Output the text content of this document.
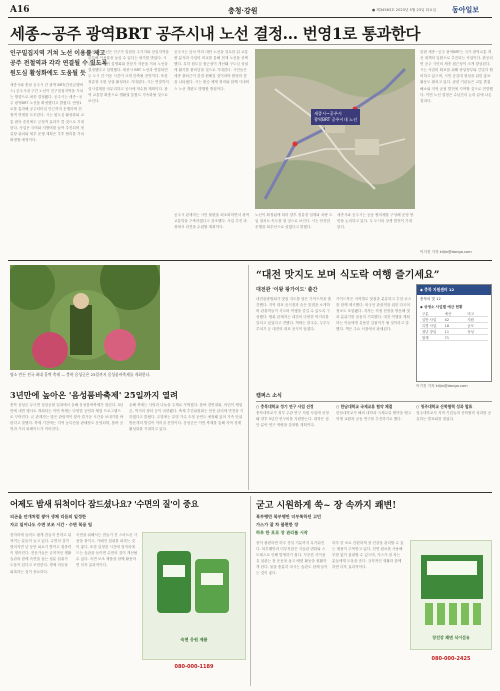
A16	충청·강원	● 제34563호 2023년 5월 23일 화요일 동아일보
세종~공주 광역BRT 공주시내 노선 결정… 번영1로 통과한다
인구밀집지역 거쳐 노선 이용률 제고
공주 전철역과 각각 연결될 수 있도록
원도심 활성화에도 도움될 듯
세종시와 충남 공주시 간 광역 BRT(간선급행버스) 공주시내 구간 노선이 인구밀집지역을 거치는 방향으로 최종 결정됐다. 공주시는 세종~공주 광역BRT 노선을 확정했다고 밝혔다. 번영1로를 통과해 공주터미널 인근까지 운행하며 전철역 연계를 도모한다. 시는 원도심 활성화와 교통 편의 증진에도 긍정적 효과가 클 것으로 기대한다. 사업은 국비와 지방비를 들여 추진되며 정류장 위치와 세부 운행 계획은 추후 협의를 거쳐 확정할 예정이다.
번영1로 노선은 인구가 밀집한 주거지와 상업지역을 관통해 이용률을 높일 수 있다는 평가를 받았다. 시 관계자는 주민 설명회와 전문가 자문을 거쳐 노선을 결정했다고 설명했다. 세종시 BRT 노선과 연결되면 두 도시 간 이동 시간이 크게 단축될 전망이다. 또한 정류장 주변 상권 활성화도 기대된다. 시는 연말까지 실시설계를 마무리하고 공사에 착수할 계획이다. 광역 교통망 확충으로 생활권 통합도 가속화될 것으로 보인다.
공주시는 앞서 여러 대안 노선을 검토한 뒤 교통량 분석과 사업비 비교를 통해 현재 노선을 선택했다. 특히 원도심 접근성이 개선돼 구도심 상권에 활기를 불어넣을 것으로 기대한다. 시민들은 세종 출퇴근이 한결 편해질 것이라며 환영의 뜻을 나타냈다. 시는 환승 체계 정비와 함께 시내버스 노선 개편도 병행할 방침이다.
세종시~공주시
광역BRT 공주시내 노선
공주시 관계자는 시민 불편을 최소화하면서 광역 교통망을 구축하겠다고 강조했다. 사업 추진 과정에서 의견을 수렴할 계획이다.
노선이 확정됨에 따라 향후 정류장 설계와 차량 도입 절차도 속도를 낼 것으로 보인다. 시는 안전한 운행을 최우선으로 삼겠다고 밝혔다.
세종시와 공주시는 공동 협의체를 구성해 운영 방안을 논의하고 있다. 두 도시의 상생 발전이 기대된다.
한편 세종~공주 광역BRT는 국가 광역교통 개선 대책의 일환으로 추진되는 사업이다. 완공되면 공주 시민의 세종 접근성이 크게 향상된다. 시는 사업비 확보를 위해 중앙정부와 긴밀히 협의하고 있으며, 시민 공감대 형성을 위한 홍보 활동도 펼치고 있다. 관련 기관들은 교통 혼잡 해소와 지역 균형 발전에 기여할 것으로 전망했다. 이번 노선 결정은 수년간의 논의 끝에 나온 결과다.
이기진 기자 kiljin@donga.com
명소 만든 전국 최대 홀짝 축제 — 충북 음성군은 25일까지 음성품바축제를 개최한다.
3년만에 높아온 '음성품바축제' 25일까지 열려
충북 음성군 무극면 설성공원 일대에서 올해 음성품바축제가 열린다. 3년 만에 대면 행사로 개최되는 이번 축제는 다양한 공연과 체험 프로그램으로 꾸며진다. 군 관계자는 많은 관람객이 찾아 즐거운 시간을 보내기를 바란다고 말했다. 축제 기간에는 지역 농특산물 판매장도 운영되며, 품바 공연과 거리 퍼레이드가 이어진다.
올해 축제는 사랑과 나눔을 주제로 꾸며졌다. 품바 경연대회, 어린이 체험존, 먹거리 장터 등이 마련됐다. 축제 추진위원회는 안전 관리에 만전을 기하겠다고 밝혔다. 주말에는 유명 가수 초청 공연도 예정돼 있어 가족 단위 방문객의 발길이 이어질 전망이다. 음성군은 이번 축제를 통해 지역 경제 활성화를 기대하고 있다.
“대전 맛지도 보며 식도락 여행 즐기세요”
대전관 '이왕 왕가이드' 출간
대전관광협회가 맛집 지도를 담은 가이드북을 출간했다. 지역 대표 음식점과 숨은 맛집을 소개하며 관광객들이 식도락 여행을 즐길 수 있도록 구성했다. 협회 관계자는 대전의 다양한 먹거리를 알리고 싶었다고 전했다. 책에는 칼국수, 두부두루치기 등 대전의 대표 음식이 담겼다.
가이드북은 지역별로 맛집을 분류하고 추천 코스를 함께 제시했다. 외국인 관광객을 위한 다국어 정보도 포함됐다. 저자는 직접 현장을 방문해 맛과 분위기를 꼼꼼히 기록했다. 대전 여행을 계획하는 이들에게 유용한 길잡이가 될 것이라고 말했다. 책은 주요 서점에서 판매된다.
◆ 충북 지원센터 12
충북의 맛 12
◆ 상생소 사업별 예산 현황
구분	예산	비고
일반 사업	42	지원
특별 사업	18	공모
청년 창업	11	육성
합계	71
이기진 기자 kiljin@donga.com
캠퍼스 소식
○ 충북대학교 정기 연구 사업 선정
충북대학교가 정부 주관 연구 지원 사업에 선정돼 향후 5년간 연구비를 지원받는다. 대학은 첨단 분야 연구 역량을 강화할 계획이다.
○ 한남대학교 국제교류 협약 체결
한남대학교가 해외 대학과 국제교류 협약을 맺고 학생 교환과 공동 연구를 추진하기로 했다.
○ 청주대학교 산학협력 성과 발표
청주대학교가 지역 기업들과 산학협력 성과를 공유하는 발표회를 열었다.
어제도 밤새 뒤척이다 잠드셨나요? '수면의 질'이 중요
피곤을 안개처럼 쌓아 생체 리듬의 일정한
자고 일어나도 수면 보조 시간 · 수면 복용 팁
잠자리에 들어도 쉽게 잠들지 못하고 뒤척이는 분들이 늘고 있다. 수면의 질이 떨어지면 낮 동안 피로가 쌓이고 집중력이 떨어진다. 전문가들은 규칙적인 생활 습관과 함께 숙면을 돕는 성분 섭취가 도움이 된다고 조언한다. 생체 리듬을 회복하는 것이 중요하다.
숙면을 위해서는 잠들기 전 스마트폰 사용을 줄이고, 카페인 섭취를 피하는 것이 좋다. 또한 일정한 시간에 잠자리에 드는 습관을 들이면 수면의 질이 개선될 수 있다. 숙면 보조 제품을 함께 활용하면 더욱 효과적이다.
숙면 응원 제품
080-000-1189
굳고 시원하게 쑥~ 장 속까지 쾌변!
복부팽만 복부팽만 더부룩하던 고민
가스가 잘 차 불편한 장
하루 한 포로 장 관리를 시작
장이 불편하면 하루 종일 기분까지 무거워진다. 복부팽만과 더부룩함은 식습관 변화와 스트레스로 인해 발생하기 쉽다. 꾸준한 식이섬유 섭취는 장 운동을 돕고 배변 활동을 원활하게 한다. 물을 충분히 마시는 습관도 함께 들이는 것이 좋다.
하루 한 포로 간편하게 장 건강을 관리할 수 있는 제품이 주목받고 있다. 천연 원료를 사용해 부담 없이 섭취할 수 있으며, 가스가 잘 차는 분들에게 도움을 준다. 규칙적인 생활과 함께하면 더욱 효과적이다.
장건강 쾌변 식이섬유
080-000-2425
